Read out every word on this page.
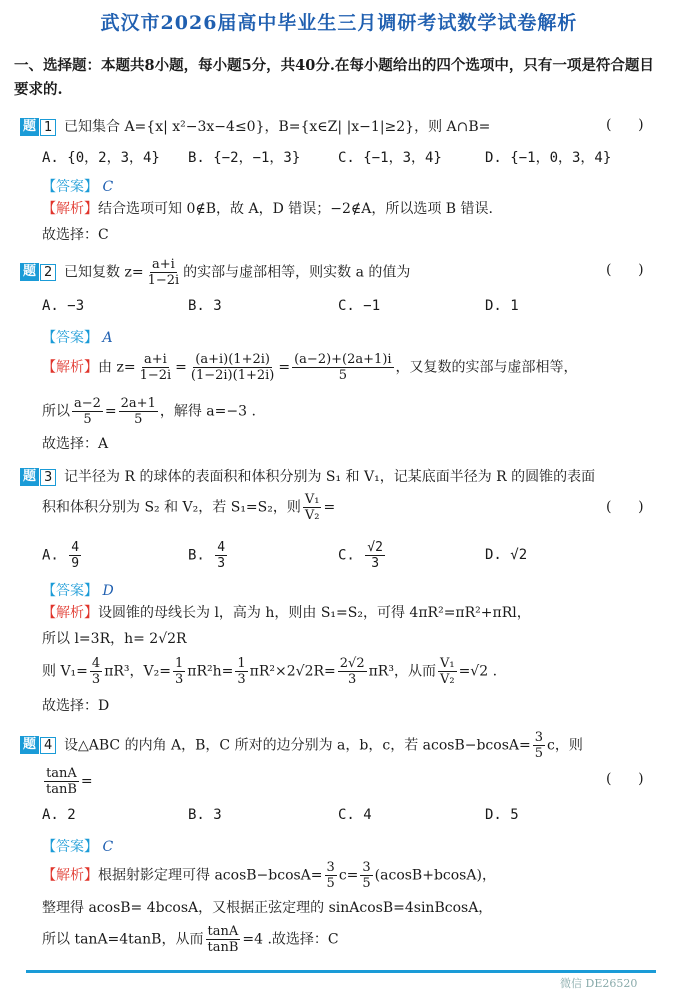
武汉市2026届高中毕业生三月调研考试数学试卷解析
一、选择题：本题共8小题，每小题5分，共40分.在每小题给出的四个选项中，只有一项是符合题目要求的.
题 1 已知集合 A={x| x²−3x−4≤0}，B={x∈Z| |x−1|≥2}，则 A∩B=	(      )
A. {0，2，3，4} B. {−2，−1，3}	C. {−1，3，4}	D. {−1，0，3，4}
【答案】 C
【解析】结合选项可知 0∉B，故 A，D 错误；−2∉A，所以选项 B 错误.
故选择：C
题 2 已知复数 $z= \frac{a+i}{1-2i}$ 的实部与虚部相等，则实数 a 的值为	(      )
A. −3	B. 3	C. −1	D. 1
【答案】 A
【解析】由 $z= \frac{a+i}{1-2i} = \frac{(a+i)(1+2i)}{(1-2i)(1+2i)} = \frac{(a-2)+(2a+1)i}{5}$ ，又复数的实部与虚部相等，
所以 $\frac{a-2}{5} = \frac{2a+1}{5}$ ，解得 a=−3 .
故选择：A
题 3 记半径为 R 的球体的表面积和体积分别为 S₁ 和 V₁，记某底面半径为 R 的圆锥的表面
积和体积分别为 S₂ 和 V₂，若 S₁=S₂，则 $\frac{\text{V₁}}{\text{V₂}}$ =	(      )
A. $\frac{4}{9}$	B. $\frac{4}{3}$	C. $\frac{√2}{3}$	D. √2
【答案】 D
【解析】设圆锥的母线长为 l，高为 h，则由 S₁=S₂，可得 4πR²=πR²+πRl，
所以 l=3R，h= 2√2R
则 $V_1= \frac{4}{3} \pi R^3$，$V_2= \frac{1}{3} \pi R^2h= \frac{1}{3} \pi R^2\times 2√2R= \frac{2√2}{3} \pi R^3$，从而 $\frac{\text{V₁}}{\text{V₂}} =√2$ .
故选择：D
题 4 设△ABC 的内角 A，B，C 所对的边分别为 a，b，c，若 $acosB-bcosA= \frac{3}{5}$ c，则
$\frac{\tan A}{\tan B}$ =	(      )
A. 2	B. 3	C. 4	D. 5
【答案】 C
【解析】根据射影定理可得 $acosB-bcosA= \frac{3}{5} c= \frac{3}{5} (acosB+bcosA)$，
整理得 acosB= 4bcosA，又根据正弦定理的 sinAcosB=4sinBcosA，
所以 tanA=4tanB，从而 $\frac{\tan A}{\tan B} =4$ .故选择：C
微信 DE26520
